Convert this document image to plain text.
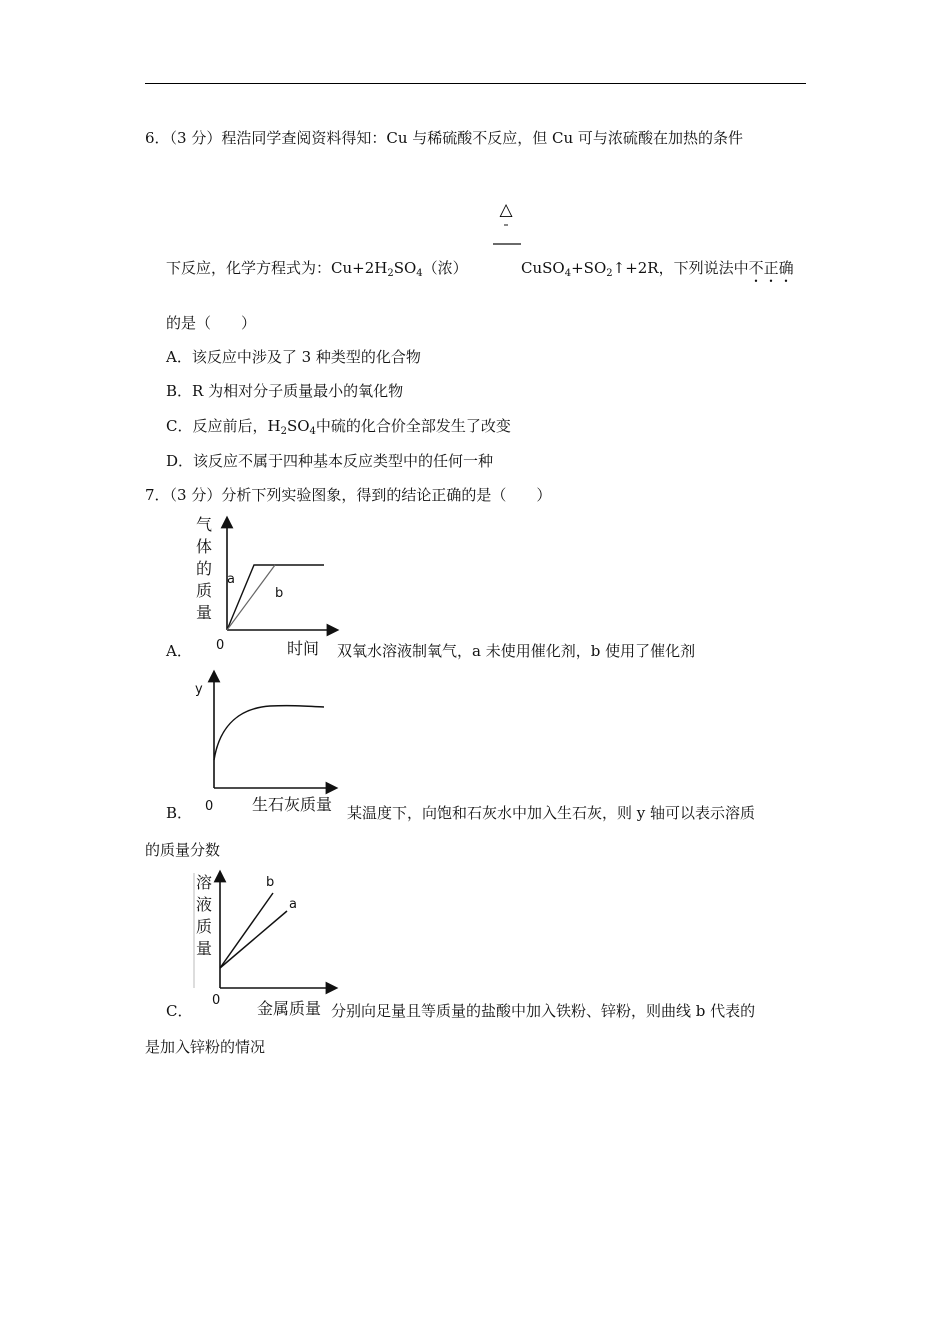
6．（3 分）程浩同学查阅资料得知：Cu 与稀硫酸不反应，但 Cu 可与浓硫酸在加热的条件
△
下反应，化学方程式为：$Cu+2H_2SO_4$（浓）	$CuSO_4+SO_2↑+2R$，下列说法中不正确
的是（　　）
A．该反应中涉及了 3 种类型的化合物
B．R 为相对分子质量最小的氧化物
C．反应前后，$H_2SO_4$中硫的化合价全部发生了改变
D．该反应不属于四种基本反应类型中的任何一种
7．（3 分）分析下列实验图象，得到的结论正确的是（　　）
气
体
的
质
量
a
b
0	时间
A．	双氧水溶液制氧气，a 未使用催化剂，b 使用了催化剂
y
0 生石灰质量
B．	某温度下，向饱和石灰水中加入生石灰，则 y 轴可以表示溶质
的质量分数
溶
液
质
量
b
a
0 金属质量
C．	分别向足量且等质量的盐酸中加入铁粉、锌粉，则曲线 b 代表的
是加入锌粉的情况
